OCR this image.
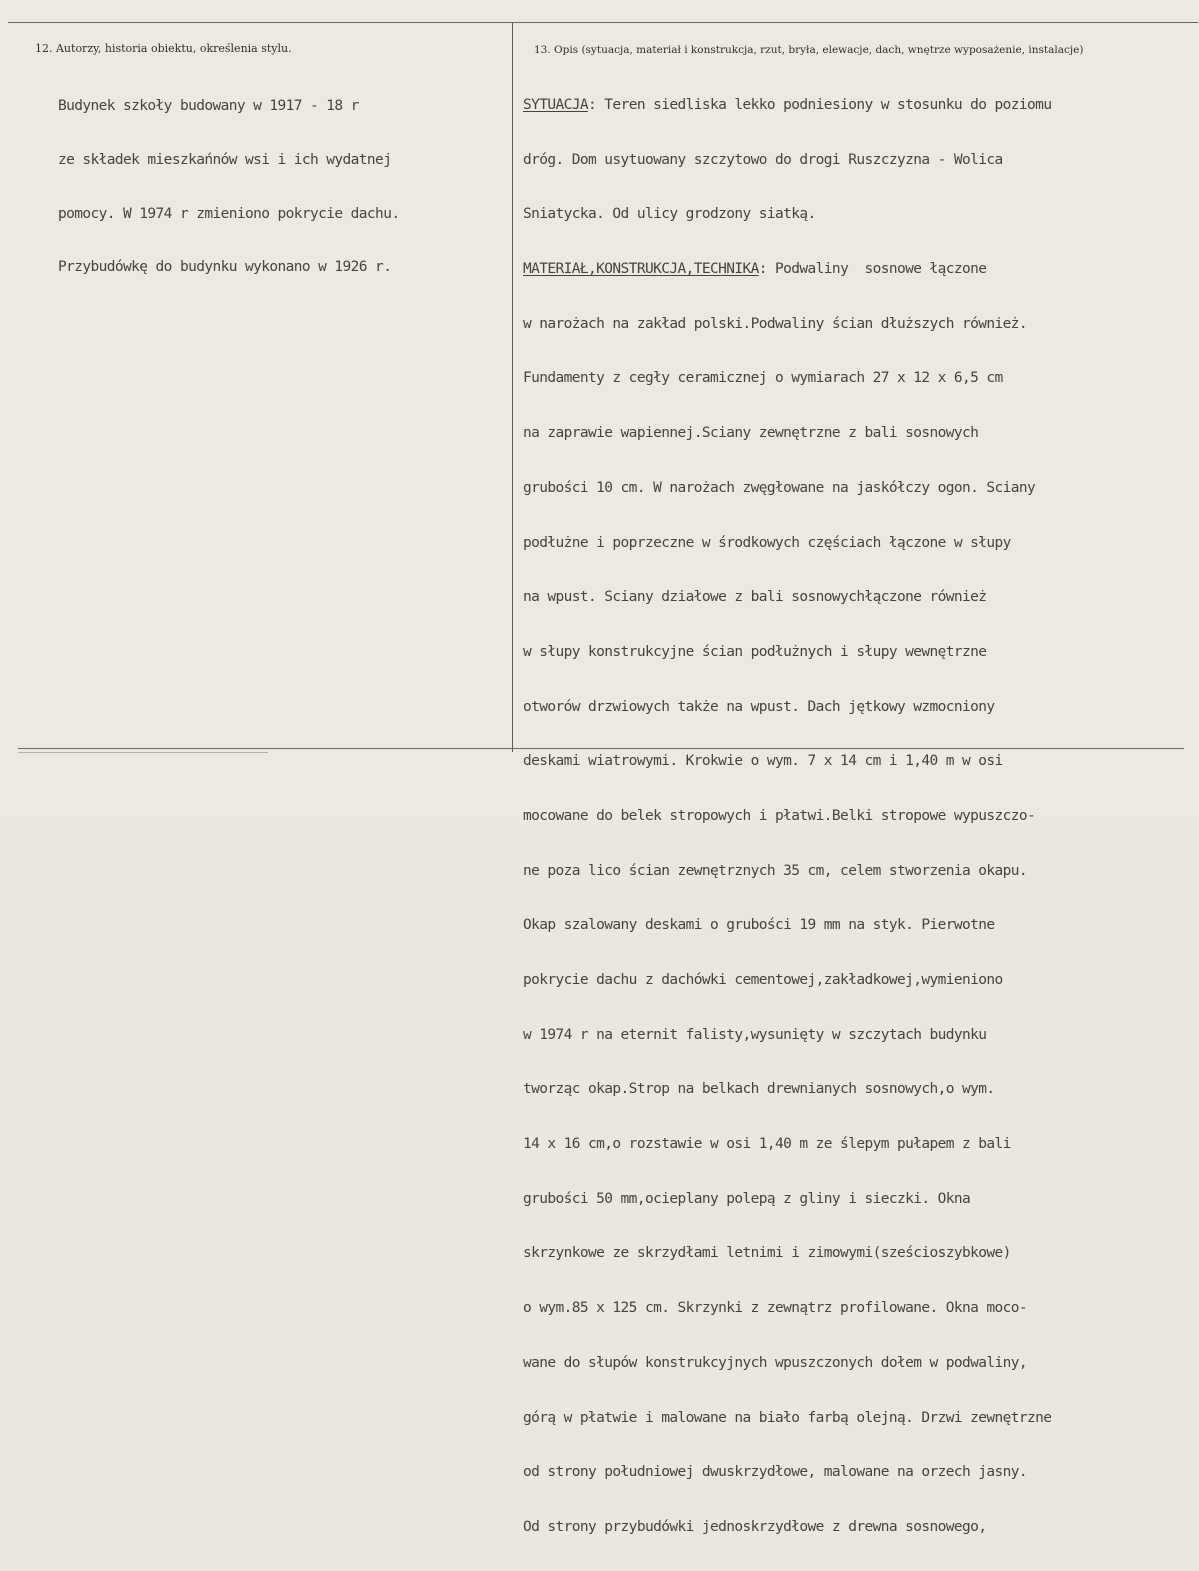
12. Autorzy, historia obiektu, określenia stylu.	13. Opis (sytuacja, materiał i konstrukcja, rzut, bryła, elewacje, dach, wnętrze wyposażenie, instalacje)

Budynek szkoły budowany w 1917 - 18 r

ze składek mieszkańnów wsi i ich wydatnej

pomocy. W 1974 r zmieniono pokrycie dachu.

Przybudówkę do budynku wykonano w 1926 r.

SYTUACJA: Teren siedliska lekko podniesiony w stosunku do poziomu

dróg. Dom usytuowany szczytowo do drogi Ruszczyzna - Wolica

Sniatycka. Od ulicy grodzony siatką.

MATERIAŁ,KONSTRUKCJA,TECHNIKA: Podwaliny  sosnowe łączone

w narożach na zakład polski.Podwaliny ścian dłuższych również.

Fundamenty z cegły ceramicznej o wymiarach 27 x 12 x 6,5 cm

na zaprawie wapiennej.Sciany zewnętrzne z bali sosnowych

grubości 10 cm. W narożach zwęgłowane na jaskółczy ogon. Sciany

podłużne i poprzeczne w środkowych częściach łączone w słupy

na wpust. Sciany działowe z bali sosnowychłączone również

w słupy konstrukcyjne ścian podłużnych i słupy wewnętrzne

otworów drzwiowych także na wpust. Dach jętkowy wzmocniony

deskami wiatrowymi. Krokwie o wym. 7 x 14 cm i 1,40 m w osi

mocowane do belek stropowych i płatwi.Belki stropowe wypuszczo-

ne poza lico ścian zewnętrznych 35 cm, celem stworzenia okapu.

Okap szalowany deskami o grubości 19 mm na styk. Pierwotne

pokrycie dachu z dachówki cementowej,zakładkowej,wymieniono

w 1974 r na eternit falisty,wysunięty w szczytach budynku

tworząc okap.Strop na belkach drewnianych sosnowych,o wym.

14 x 16 cm,o rozstawie w osi 1,40 m ze ślepym pułapem z bali

grubości 50 mm,ocieplany polepą z gliny i sieczki. Okna

skrzynkowe ze skrzydłami letnimi i zimowymi(sześcioszybkowe)

o wym.85 x 125 cm. Skrzynki z zewnątrz profilowane. Okna moco-

wane do słupów konstrukcyjnych wpuszczonych dołem w podwaliny,

górą w płatwie i malowane na biało farbą olejną. Drzwi zewnętrzne

od strony południowej dwuskrzydłowe, malowane na orzech jasny.

Od strony przybudówki jednoskrzydłowe z drewna sosnowego,
